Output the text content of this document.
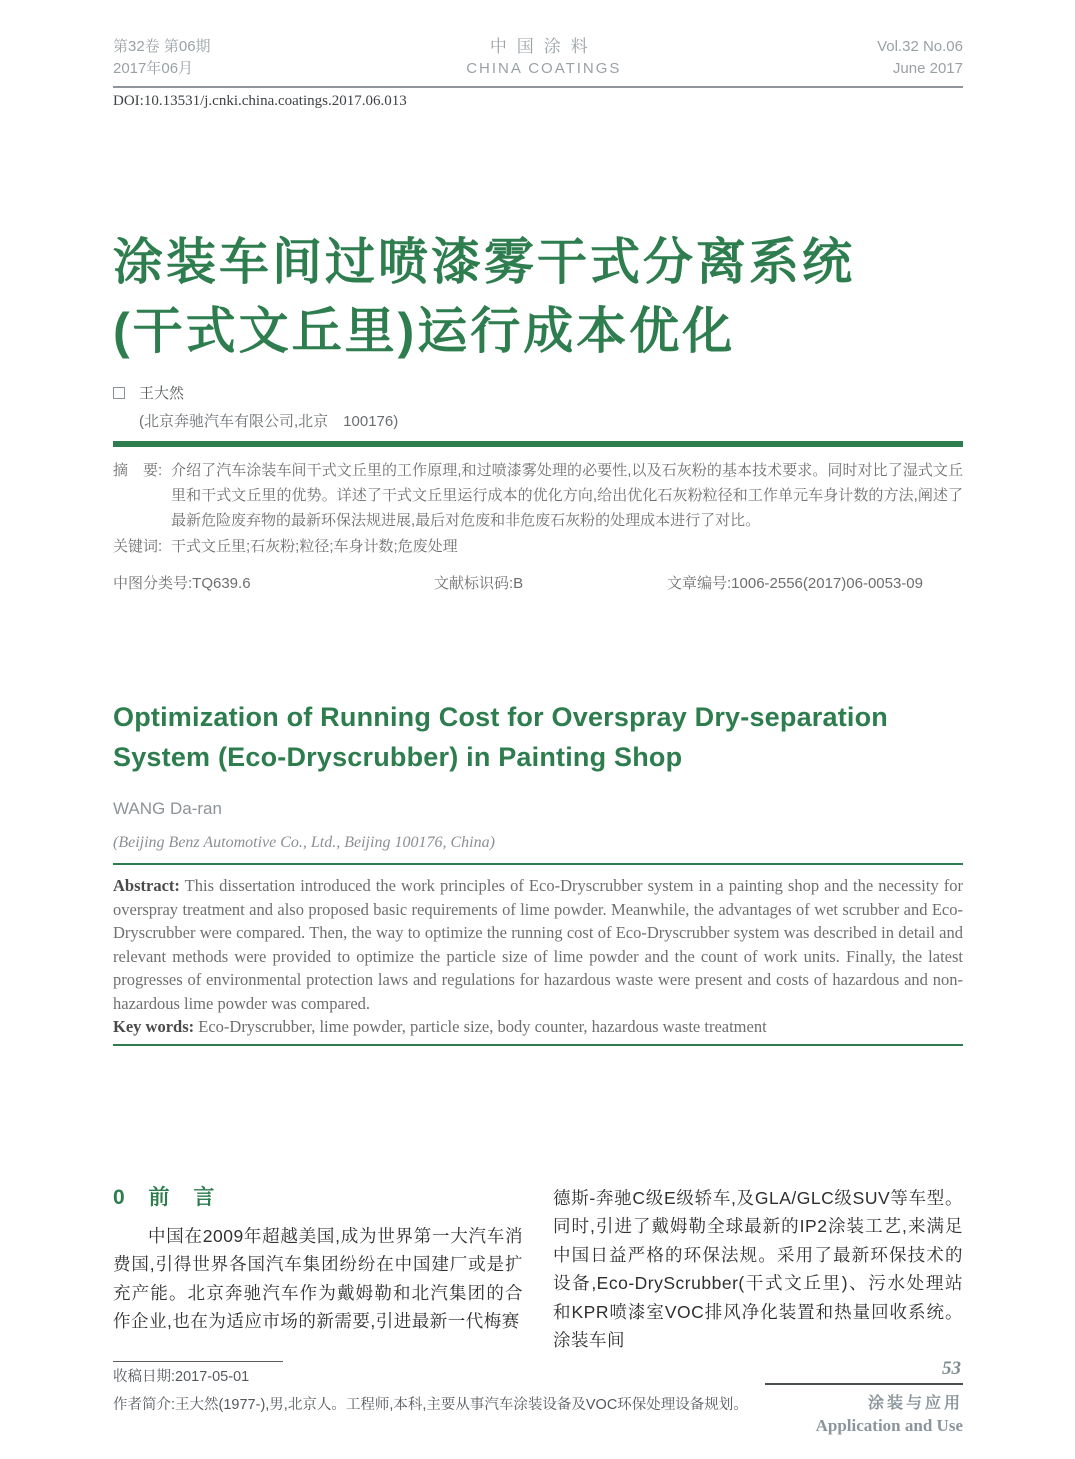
第32卷 第06期
2017年06月
中国涂料
CHINA COATINGS
Vol.32 No.06
June 2017
DOI:10.13531/j.cnki.china.coatings.2017.06.013
涂装车间过喷漆雾干式分离系统
(干式文丘里)运行成本优化
王大然
(北京奔驰汽车有限公司,北京　100176)
摘　要: 介绍了汽车涂装车间干式文丘里的工作原理,和过喷漆雾处理的必要性,以及石灰粉的基本技术要求。同时对比了湿式文丘里和干式文丘里的优势。详述了干式文丘里运行成本的优化方向,给出优化石灰粉粒径和工作单元车身计数的方法,阐述了最新危险废弃物的最新环保法规进展,最后对危废和非危废石灰粉的处理成本进行了对比。
关键词: 干式文丘里;石灰粉;粒径;车身计数;危废处理
中图分类号:TQ639.6	文献标识码:B	文章编号:1006-2556(2017)06-0053-09
Optimization of Running Cost for Overspray Dry-separation
System (Eco-Dryscrubber) in Painting Shop
WANG Da-ran
(Beijing Benz Automotive Co., Ltd., Beijing 100176, China)

Abstract: This dissertation introduced the work principles of Eco-Dryscrubber system in a painting shop and the necessity for overspray treatment and also proposed basic requirements of lime powder. Meanwhile, the advantages of wet scrubber and Eco-Dryscrubber were compared. Then, the way to optimize the running cost of Eco-Dryscrubber system was described in detail and relevant methods were provided to optimize the particle size of lime powder and the count of work units. Finally, the latest progresses of environmental protection laws and regulations for hazardous waste were present and costs of hazardous and non-hazardous lime powder was compared.

Key words: Eco-Dryscrubber, lime powder, particle size, body counter, hazardous waste treatment

0 前 言

中国在2009年超越美国,成为世界第一大汽车消费国,引得世界各国汽车集团纷纷在中国建厂或是扩充产能。北京奔驰汽车作为戴姆勒和北汽集团的合作企业,也在为适应市场的新需要,引进最新一代梅赛

德斯-奔驰C级E级轿车,及GLA/GLC级SUV等车型。同时,引进了戴姆勒全球最新的IP2涂装工艺,来满足中国日益严格的环保法规。采用了最新环保技术的设备,Eco-DryScrubber(干式文丘里)、污水处理站和KPR喷漆室VOC排风净化装置和热量回收系统。涂装车间

收稿日期:2017-05-01

作者简介:王大然(1977-),男,北京人。工程师,本科,主要从事汽车涂装设备及VOC环保处理设备规划。

53
涂装与应用
Application and Use
